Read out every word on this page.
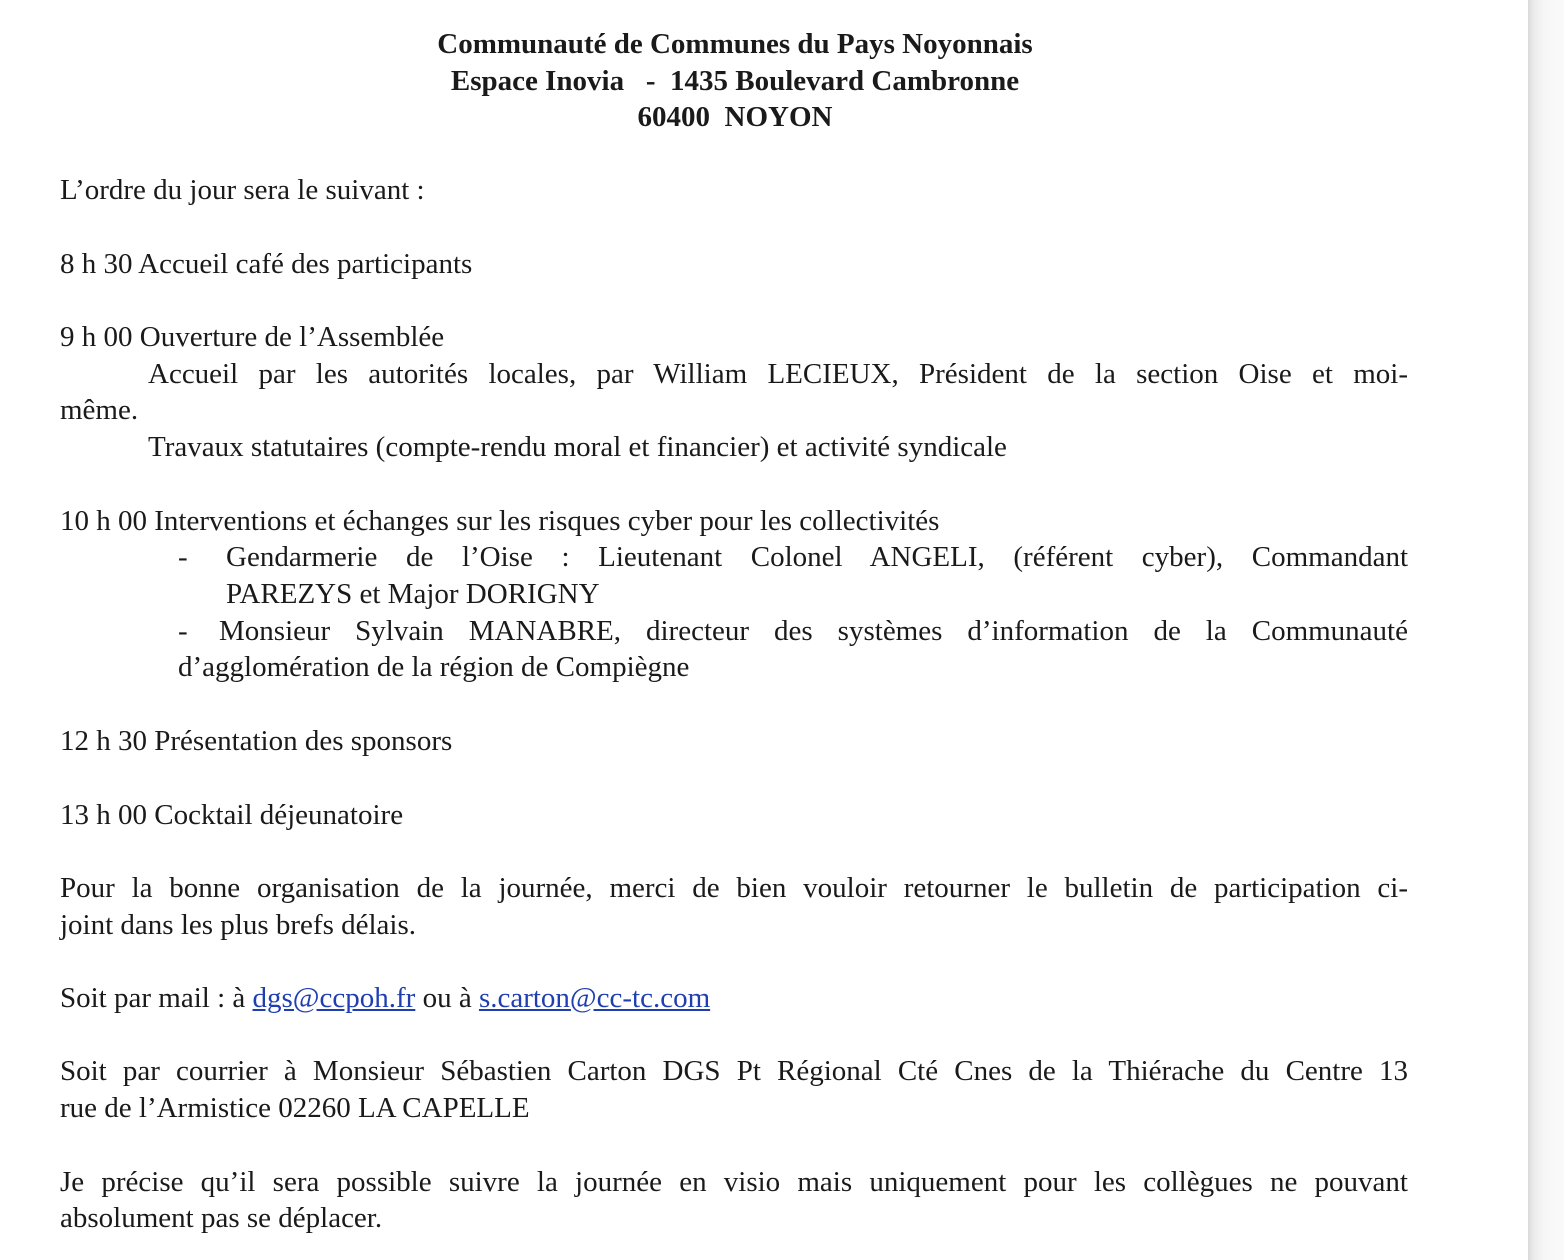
Communauté de Communes du Pays Noyonnais
Espace Inovia   -  1435 Boulevard Cambronne
60400  NOYON
L’ordre du jour sera le suivant :
8 h 30 Accueil café des participants
9 h 00 Ouverture de l’Assemblée
Accueil par les autorités locales, par William LECIEUX, Président de la section Oise et moi-
même.
Travaux statutaires (compte-rendu moral et financier) et activité syndicale
10 h 00 Interventions et échanges sur les risques cyber pour les collectivités
- Gendarmerie de l’Oise : Lieutenant Colonel ANGELI, (référent cyber), Commandant
PAREZYS et Major DORIGNY
- Monsieur Sylvain MANABRE, directeur des systèmes d’information de la Communauté
d’agglomération de la région de Compiègne
12 h 30 Présentation des sponsors
13 h 00 Cocktail déjeunatoire
Pour la bonne organisation de la journée, merci de bien vouloir retourner le bulletin de participation ci-
joint dans les plus brefs délais.
Soit par mail : à dgs@ccpoh.fr ou à s.carton@cc-tc.com
Soit par courrier à Monsieur Sébastien Carton DGS Pt Régional Cté Cnes de la Thiérache du Centre 13
rue de l’Armistice 02260 LA CAPELLE
Je précise qu’il sera possible suivre la journée en visio mais uniquement pour les collègues ne pouvant
absolument pas se déplacer.
